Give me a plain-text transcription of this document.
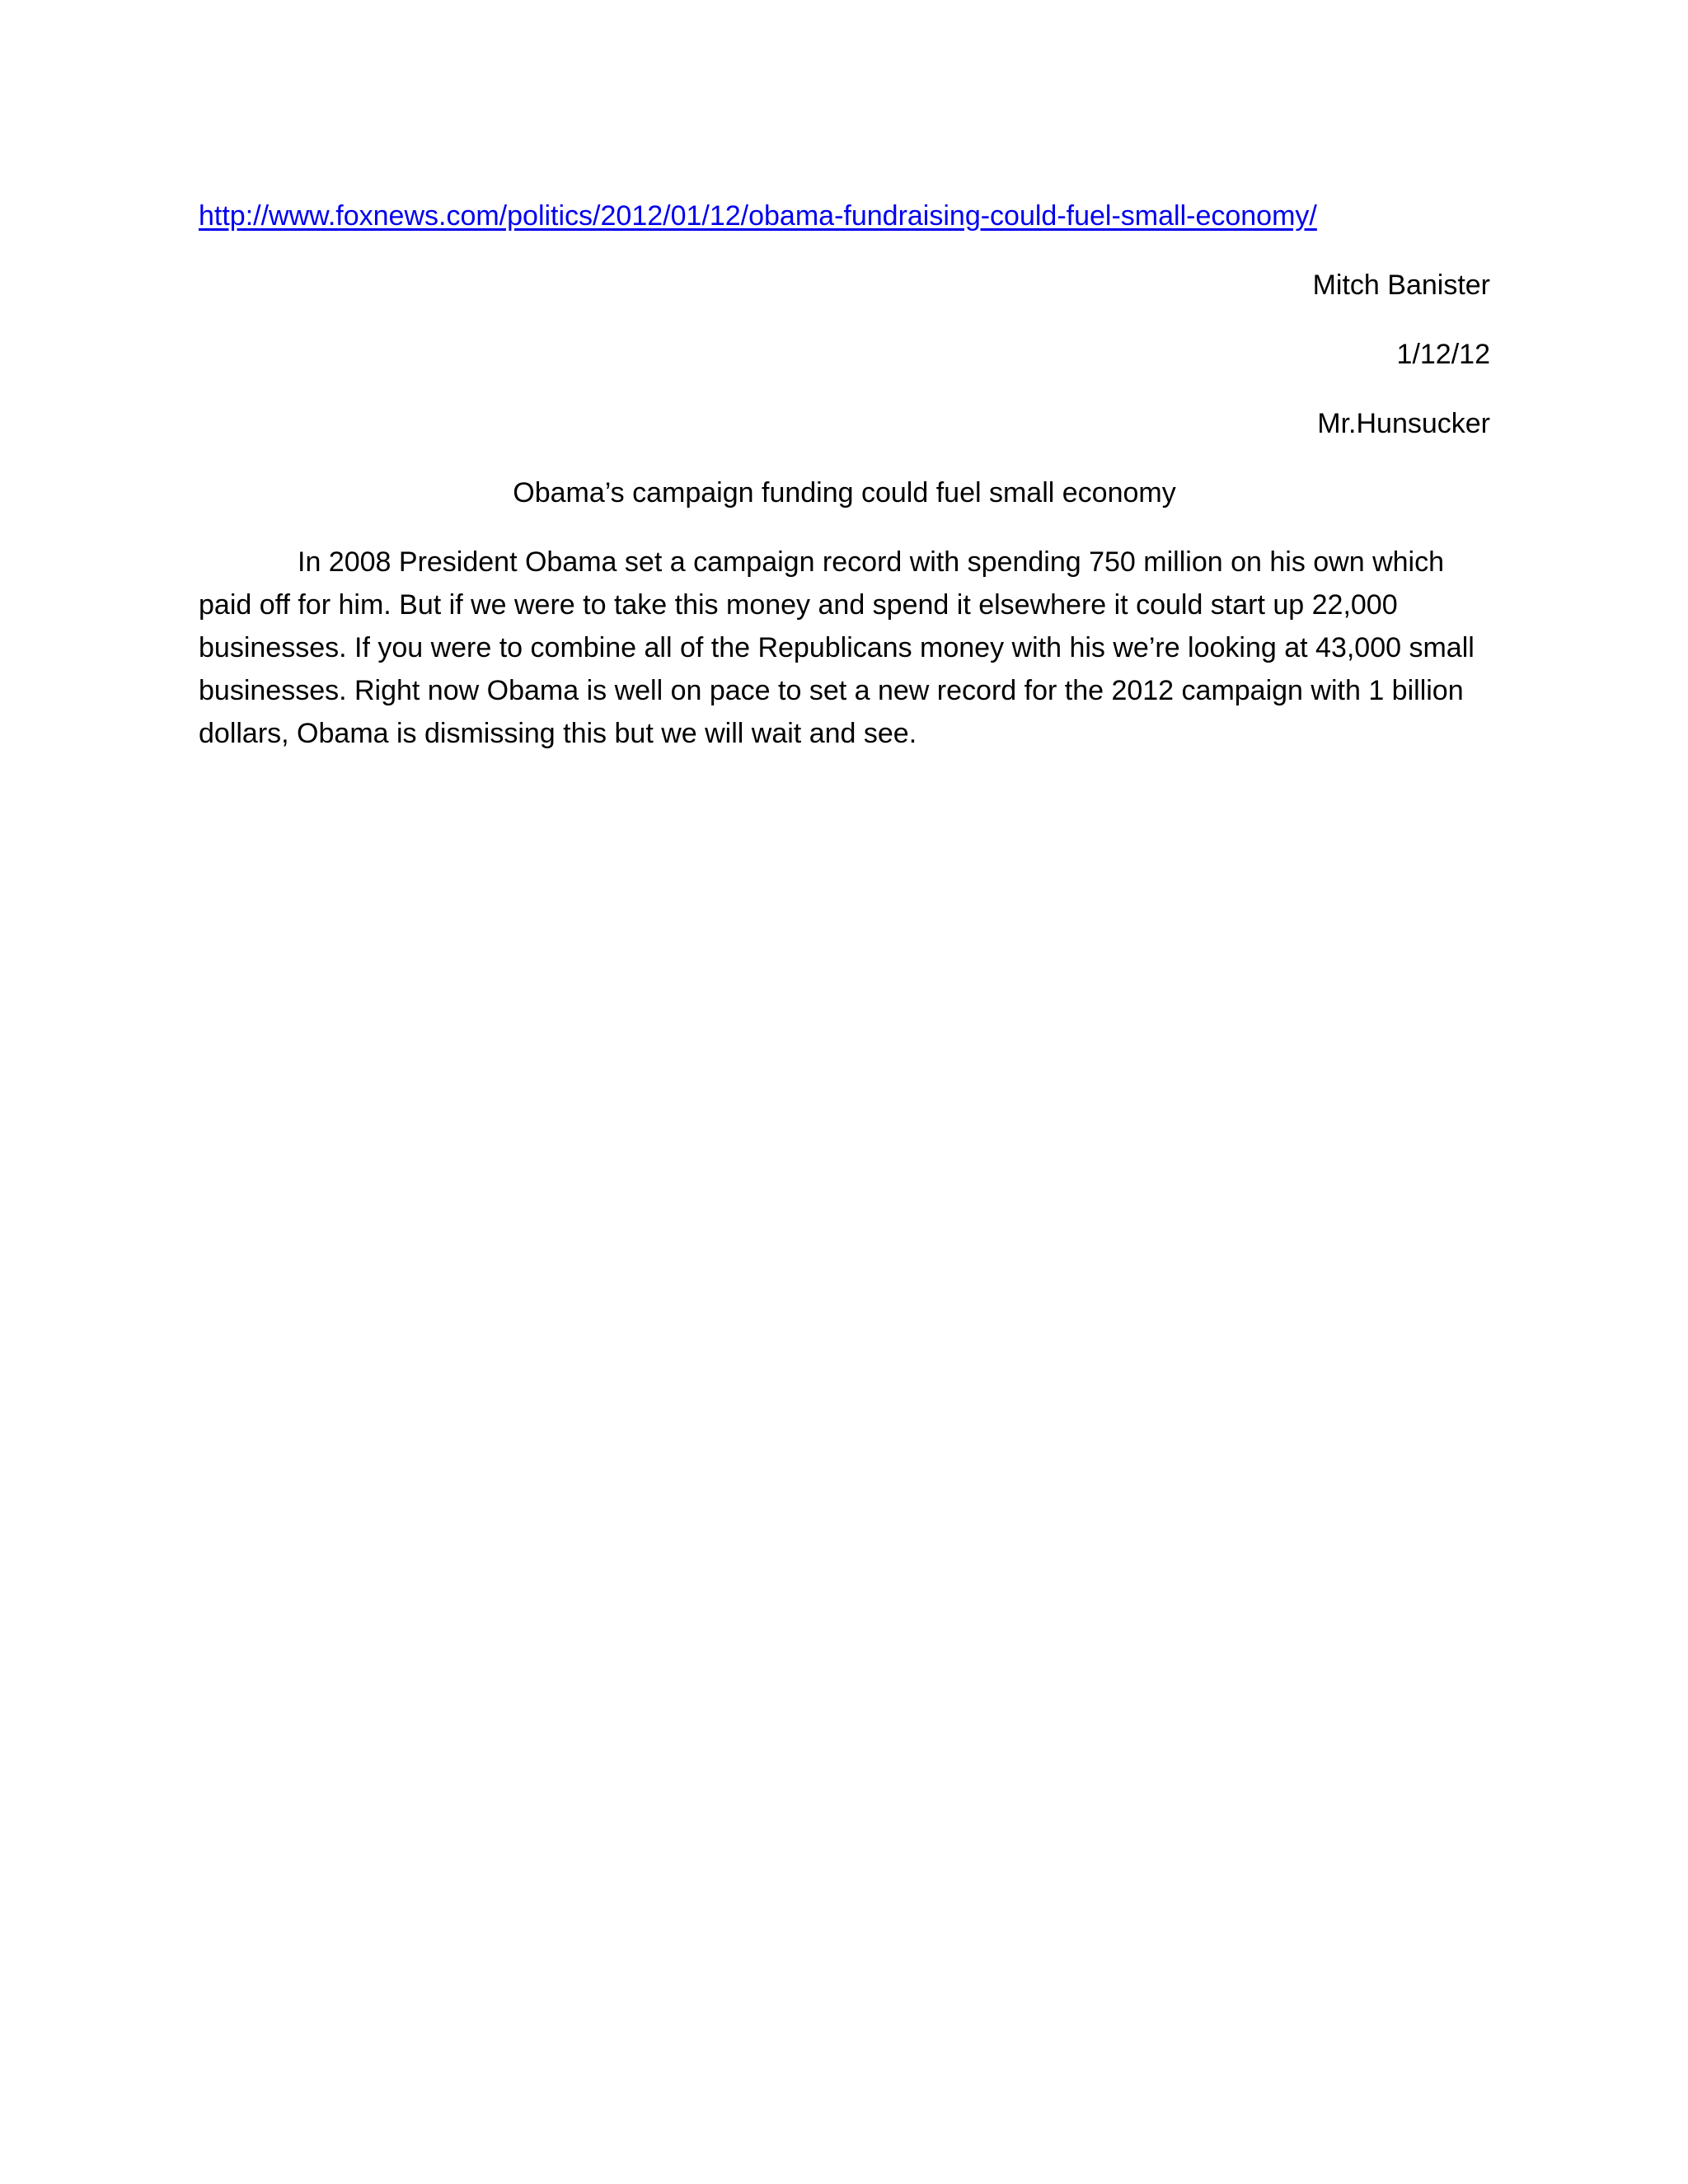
http://www.foxnews.com/politics/2012/01/12/obama-fundraising-could-fuel-small-economy/
Mitch Banister
1/12/12
Mr.Hunsucker
Obama’s campaign funding could fuel small economy

In 2008 President Obama set a campaign record with spending 750 million on his own which paid off for him. But if we were to take this money and spend it elsewhere it could start up 22,000 businesses. If you were to combine all of the Republicans money with his we’re looking at 43,000 small businesses. Right now Obama is well on pace to set a new record for the 2012 campaign with 1 billion dollars, Obama is dismissing this but we will wait and see.
